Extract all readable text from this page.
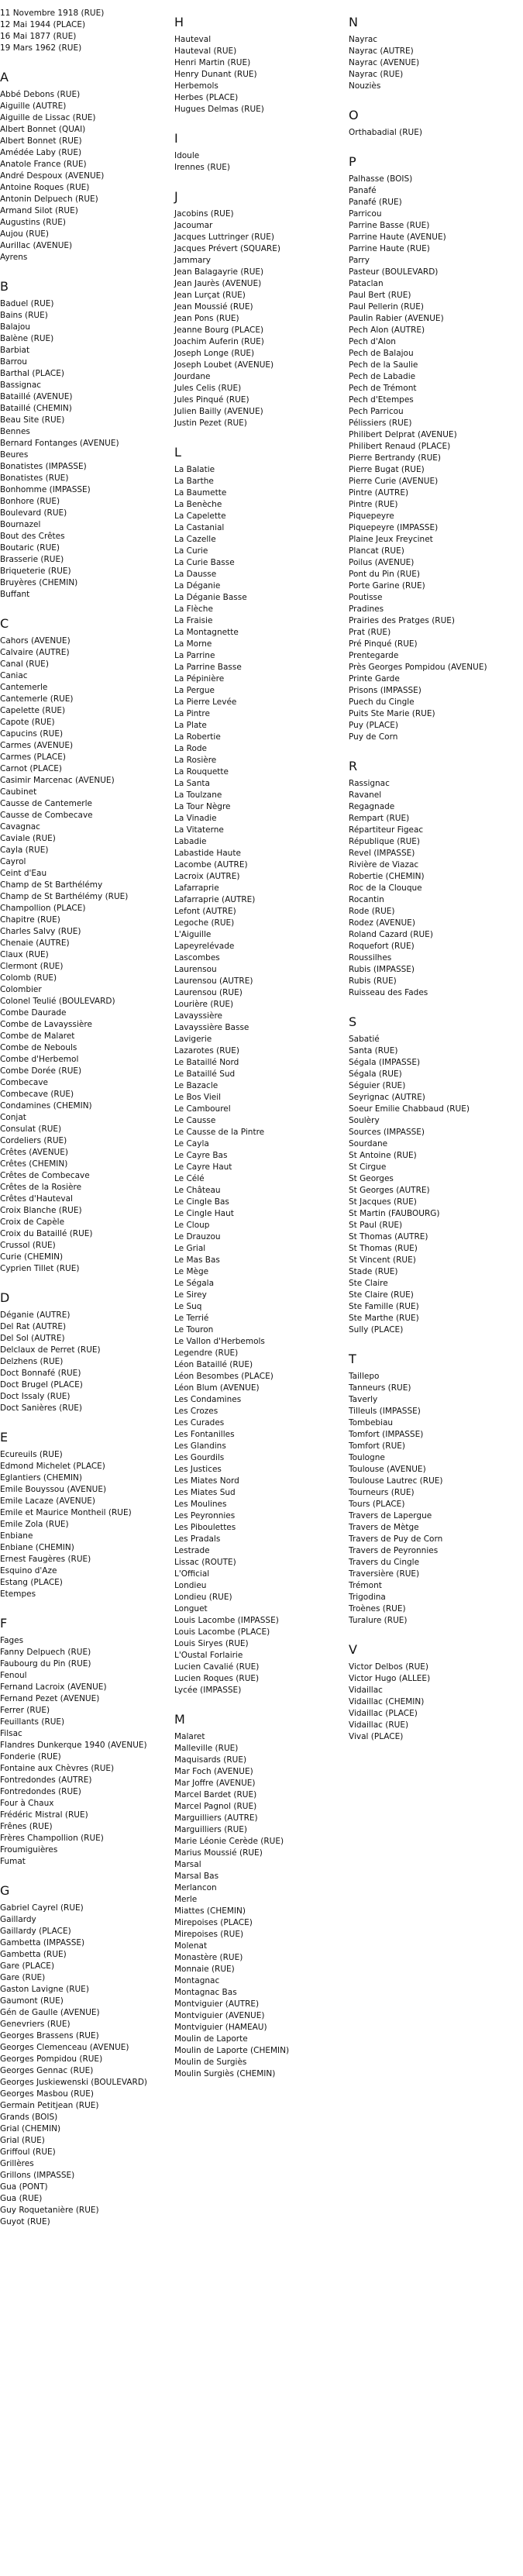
11 Novembre 1918 (RUE)
12 Mai 1944 (PLACE)
16 Mai 1877 (RUE)
19 Mars 1962 (RUE)
A
Abbé Debons (RUE)
Aiguille (AUTRE)
Aiguille de Lissac (RUE)
Albert Bonnet (QUAI)
Albert Bonnet (RUE)
Amédée Laby (RUE)
Anatole France (RUE)
André Despoux (AVENUE)
Antoine Roques (RUE)
Antonin Delpuech (RUE)
Armand Silot (RUE)
Augustins (RUE)
Aujou (RUE)
Aurillac (AVENUE)
Ayrens
B
Baduel (RUE)
Bains (RUE)
Balajou
Balène (RUE)
Barbiat
Barrou
Barthal (PLACE)
Bassignac
Bataillé (AVENUE)
Bataillé (CHEMIN)
Beau Site (RUE)
Bennes
Bernard Fontanges (AVENUE)
Beures
Bonatistes (IMPASSE)
Bonatistes (RUE)
Bonhomme (IMPASSE)
Bonhore (RUE)
Boulevard (RUE)
Bournazel
Bout des Crêtes
Boutaric (RUE)
Brasserie (RUE)
Briqueterie (RUE)
Bruyères (CHEMIN)
Buffant
C
Cahors (AVENUE)
Calvaire (AUTRE)
Canal (RUE)
Caniac
Cantemerle
Cantemerle (RUE)
Capelette (RUE)
Capote (RUE)
Capucins (RUE)
Carmes (AVENUE)
Carmes (PLACE)
Carnot (PLACE)
Casimir Marcenac (AVENUE)
Caubinet
Causse de Cantemerle
Causse de Combecave
Cavagnac
Caviale (RUE)
Cayla (RUE)
Cayrol
Ceint d'Eau
Champ de St Barthélémy
Champ de St Barthélémy (RUE)
Champollion (PLACE)
Chapitre (RUE)
Charles Salvy (RUE)
Chenaie (AUTRE)
Claux (RUE)
Clermont (RUE)
Colomb (RUE)
Colombier
Colonel Teulié (BOULEVARD)
Combe Daurade
Combe de Lavayssière
Combe de Malaret
Combe de Nebouls
Combe d'Herbemol
Combe Dorée (RUE)
Combecave
Combecave (RUE)
Condamines (CHEMIN)
Conjat
Consulat (RUE)
Cordeliers (RUE)
Crêtes (AVENUE)
Crêtes (CHEMIN)
Crêtes de Combecave
Crêtes de la Rosière
Crêtes d'Hauteval
Croix Blanche (RUE)
Croix de Capèle
Croix du Bataillé (RUE)
Crussol (RUE)
Curie (CHEMIN)
Cyprien Tillet (RUE)
D
Déganie (AUTRE)
Del Rat (AUTRE)
Del Sol (AUTRE)
Delclaux de Perret (RUE)
Delzhens (RUE)
Doct Bonnafé (RUE)
Doct Brugel (PLACE)
Doct Issaly (RUE)
Doct Sanières (RUE)
E
Ecureuils (RUE)
Edmond Michelet (PLACE)
Eglantiers (CHEMIN)
Emile Bouyssou (AVENUE)
Emile Lacaze (AVENUE)
Emile et Maurice Montheil (RUE)
Emile Zola (RUE)
Enbiane
Enbiane (CHEMIN)
Ernest Faugères (RUE)
Esquino d'Aze
Estang (PLACE)
Etempes
F
Fages
Fanny Delpuech (RUE)
Faubourg du Pin (RUE)
Fenoul
Fernand Lacroix (AVENUE)
Fernand Pezet (AVENUE)
Ferrer (RUE)
Feuillants (RUE)
Filsac
Flandres Dunkerque 1940 (AVENUE)
Fonderie (RUE)
Fontaine aux Chèvres (RUE)
Fontredondes (AUTRE)
Fontredondes (RUE)
Four à Chaux
Frédéric Mistral (RUE)
Frênes (RUE)
Frères Champollion (RUE)
Froumiguières
Fumat
G
Gabriel Cayrel (RUE)
Gaillardy
Gaillardy (PLACE)
Gambetta (IMPASSE)
Gambetta (RUE)
Gare (PLACE)
Gare (RUE)
Gaston Lavigne (RUE)
Gaumont (RUE)
Gén de Gaulle (AVENUE)
Genevriers (RUE)
Georges Brassens (RUE)
Georges Clemenceau (AVENUE)
Georges Pompidou (RUE)
Georges Gennac (RUE)
Georges Juskiewenski (BOULEVARD)
Georges Masbou (RUE)
Germain Petitjean (RUE)
Grands (BOIS)
Grial (CHEMIN)
Grial (RUE)
Griffoul (RUE)
Grillères
Grillons (IMPASSE)
Gua (PONT)
Gua (RUE)
Guy Roquetanière (RUE)
Guyot (RUE)
H
Hauteval
Hauteval (RUE)
Henri Martin (RUE)
Henry Dunant (RUE)
Herbemols
Herbes (PLACE)
Hugues Delmas (RUE)
I
Idoule
Irennes (RUE)
J
Jacobins (RUE)
Jacoumar
Jacques Luttringer (RUE)
Jacques Prévert (SQUARE)
Jammary
Jean Balagayrie (RUE)
Jean Jaurès (AVENUE)
Jean Lurçat (RUE)
Jean Moussié (RUE)
Jean Pons (RUE)
Jeanne Bourg (PLACE)
Joachim Auferin (RUE)
Joseph Longe (RUE)
Joseph Loubet (AVENUE)
Jourdane
Jules Celis (RUE)
Jules Pinqué (RUE)
Julien Bailly (AVENUE)
Justin Pezet (RUE)
L
La Balatie
La Barthe
La Baumette
La Benèche
La Capelette
La Castanial
La Cazelle
La Curie
La Curie Basse
La Dausse
La Déganie
La Déganie Basse
La Flèche
La Fraisie
La Montagnette
La Morne
La Parrine
La Parrine Basse
La Pépinière
La Pergue
La Pierre Levée
La Pintre
La Plate
La Robertie
La Rode
La Rosière
La Rouquette
La Santa
La Toulzane
La Tour Nègre
La Vinadie
La Vitaterne
Labadie
Labastide Haute
Lacombe (AUTRE)
Lacroix (AUTRE)
Lafarraprie
Lafarraprie (AUTRE)
Lefont (AUTRE)
Legoche (RUE)
L'Aiguille
Lapeyrelévade
Lascombes
Laurensou
Laurensou (AUTRE)
Laurensou (RUE)
Lourière (RUE)
Lavayssière
Lavayssière Basse
Lavigerie
Lazarotes (RUE)
Le Bataillé Nord
Le Bataillé Sud
Le Bazacle
Le Bos Vieil
Le Cambourel
Le Causse
Le Causse de la Pintre
Le Cayla
Le Cayre Bas
Le Cayre Haut
Le Célé
Le Château
Le Cingle Bas
Le Cingle Haut
Le Cloup
Le Drauzou
Le Grial
Le Mas Bas
Le Mège
Le Ségala
Le Sirey
Le Suq
Le Terrié
Le Touron
Le Vallon d'Herbemols
Legendre (RUE)
Léon Bataillé (RUE)
Léon Besombes (PLACE)
Léon Blum (AVENUE)
Les Condamines
Les Crozes
Les Curades
Les Fontanilles
Les Glandins
Les Gourdils
Les Justices
Les Miates Nord
Les Miates Sud
Les Moulines
Les Peyronnies
Les Piboulettes
Les Pradals
Lestrade
Lissac (ROUTE)
L'Official
Londieu
Londieu (RUE)
Longuet
Louis Lacombe (IMPASSE)
Louis Lacombe (PLACE)
Louis Siryes (RUE)
L'Oustal Forlairie
Lucien Cavalié (RUE)
Lucien Roques (RUE)
Lycée (IMPASSE)
M
Malaret
Malleville (RUE)
Maquisards (RUE)
Mar Foch (AVENUE)
Mar Joffre (AVENUE)
Marcel Bardet (RUE)
Marcel Pagnol (RUE)
Marguilliers (AUTRE)
Marguilliers (RUE)
Marie Léonie Cerède (RUE)
Marius Moussié (RUE)
Marsal
Marsal Bas
Merlancon
Merle
Miattes (CHEMIN)
Mirepoises (PLACE)
Mirepoises (RUE)
Molenat
Monastère (RUE)
Monnaie (RUE)
Montagnac
Montagnac Bas
Montviguier (AUTRE)
Montviguier (AVENUE)
Montviguier (HAMEAU)
Moulin de Laporte
Moulin de Laporte (CHEMIN)
Moulin de Surgiès
Moulin Surgiès (CHEMIN)
N
Nayrac
Nayrac (AUTRE)
Nayrac (AVENUE)
Nayrac (RUE)
Nouziès
O
Orthabadial (RUE)
P
Palhasse (BOIS)
Panafé
Panafé (RUE)
Parricou
Parrine Basse (RUE)
Parrine Haute (AVENUE)
Parrine Haute (RUE)
Parry
Pasteur (BOULEVARD)
Pataclan
Paul Bert (RUE)
Paul Pellerin (RUE)
Paulin Rabier (AVENUE)
Pech Alon (AUTRE)
Pech d'Alon
Pech de Balajou
Pech de la Saulie
Pech de Labadie
Pech de Trémont
Pech d'Etempes
Pech Parricou
Pélissiers (RUE)
Philibert Delprat (AVENUE)
Philibert Renaud (PLACE)
Pierre Bertrandy (RUE)
Pierre Bugat (RUE)
Pierre Curie (AVENUE)
Pintre (AUTRE)
Pintre (RUE)
Piquepeyre
Piquepeyre (IMPASSE)
Plaine Jeux Freycinet
Plancat (RUE)
Poilus (AVENUE)
Pont du Pin (RUE)
Porte Garine (RUE)
Poutisse
Pradines
Prairies des Pratges (RUE)
Prat (RUE)
Pré Pinqué (RUE)
Prentegarde
Près Georges Pompidou (AVENUE)
Printe Garde
Prisons (IMPASSE)
Puech du Cingle
Puits Ste Marie (RUE)
Puy (PLACE)
Puy de Corn
R
Rassignac
Ravanel
Regagnade
Rempart (RUE)
Répartiteur Figeac
République (RUE)
Revel (IMPASSE)
Rivière de Viazac
Robertie (CHEMIN)
Roc de la Clouque
Rocantin
Rode (RUE)
Rodez (AVENUE)
Roland Cazard (RUE)
Roquefort (RUE)
Roussilhes
Rubis (IMPASSE)
Rubis (RUE)
Ruisseau des Fades
S
Sabatié
Santa (RUE)
Ségala (IMPASSE)
Ségala (RUE)
Séguier (RUE)
Seyrignac (AUTRE)
Soeur Emilie Chabbaud (RUE)
Soulèry
Sources (IMPASSE)
Sourdane
St Antoine (RUE)
St Cirgue
St Georges
St Georges (AUTRE)
St Jacques (RUE)
St Martin (FAUBOURG)
St Paul (RUE)
St Thomas (AUTRE)
St Thomas (RUE)
St Vincent (RUE)
Stade (RUE)
Ste Claire
Ste Claire (RUE)
Ste Famille (RUE)
Ste Marthe (RUE)
Sully (PLACE)
T
Taillepo
Tanneurs (RUE)
Taverly
Tilleuls (IMPASSE)
Tombebiau
Tomfort (IMPASSE)
Tomfort (RUE)
Toulogne
Toulouse (AVENUE)
Toulouse Lautrec (RUE)
Tourneurs (RUE)
Tours (PLACE)
Travers de Lapergue
Travers de Mètge
Travers de Puy de Corn
Travers de Peyronnies
Travers du Cingle
Traversière (RUE)
Trémont
Trigodina
Troènes (RUE)
Turalure (RUE)
V
Victor Delbos (RUE)
Victor Hugo (ALLEE)
Vidaillac
Vidaillac (CHEMIN)
Vidaillac (PLACE)
Vidaillac (RUE)
Vival (PLACE)
